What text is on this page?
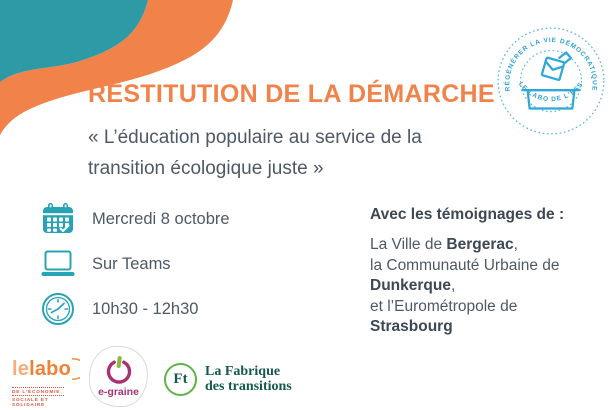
RÉGÉNÉRER LA VIE DÉMOCRATIQUE
LE LABO DE L'ESS
RESTITUTION DE LA DÉMARCHE
« L’éducation populaire au service de la transition écologique juste »
Mercredi 8 octobre
Sur Teams
10h30 - 12h30
Avec les témoignages de :
La Ville de Bergerac,
la Communauté Urbaine de
Dunkerque,
et l’Eurométropole de
Strasbourg
le labo
DE L'ÉCONOMIE
SOCIALE ET SOLIDAIRE
e-graine
Ft La Fabrique
des transitions
